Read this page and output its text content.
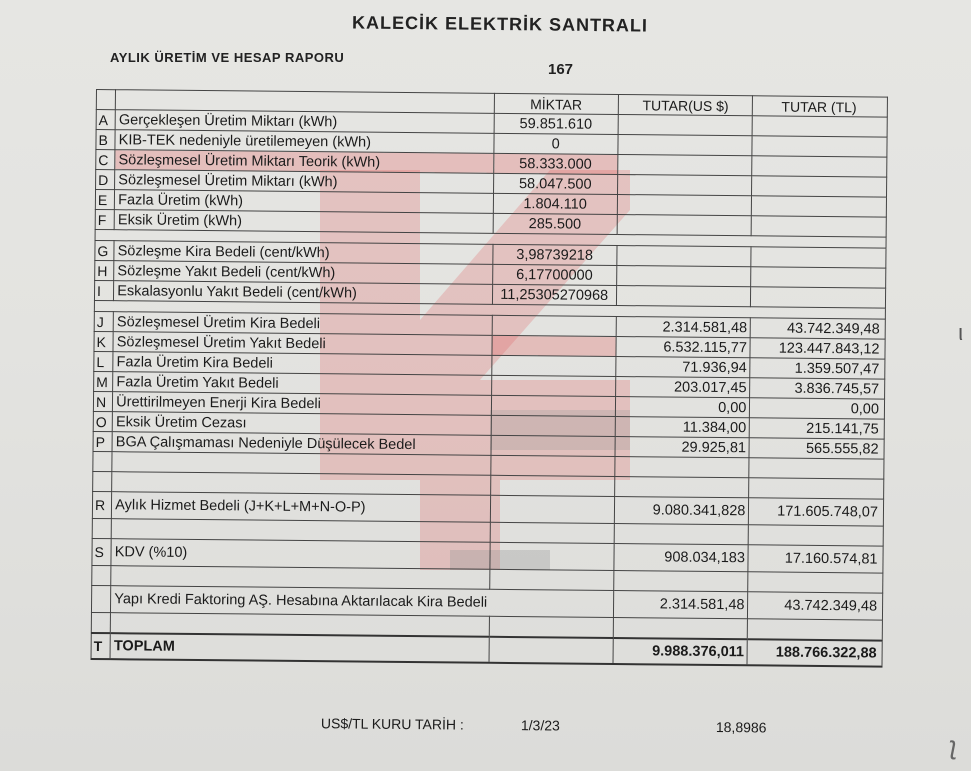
KALECİK ELEKTRİK SANTRALI
AYLIK ÜRETİM VE HESAP RAPORU
167
		MİKTAR	TUTAR(US $)	TUTAR (TL)
A	Gerçekleşen Üretim Miktarı (kWh)	59.851.610		
B	KIB-TEK nedeniyle üretilemeyen (kWh)	0		
C	Sözleşmesel Üretim Miktarı Teorik (kWh)	58.333.000		
D	Sözleşmesel Üretim Miktarı (kWh)	58.047.500		
E	Fazla Üretim (kWh)	1.804.110		
F	Eksik Üretim (kWh)	285.500		

G	Sözleşme Kira Bedeli (cent/kWh)	3,98739218		
H	Sözleşme Yakıt Bedeli (cent/kWh)	6,17700000		
I	Eskalasyonlu Yakıt Bedeli (cent/kWh)	11,25305270968		

J	Sözleşmesel Üretim Kira Bedeli		2.314.581,48	43.742.349,48
K	Sözleşmesel Üretim Yakıt Bedeli		6.532.115,77	123.447.843,12
L	Fazla Üretim Kira Bedeli		71.936,94	1.359.507,47
M	Fazla Üretim Yakıt Bedeli		203.017,45	3.836.745,57
N	Ürettirilmeyen Enerji Kira Bedeli		0,00	0,00
O	Eksik Üretim Cezası		11.384,00	215.141,75
P	BGA Çalışmaması Nedeniyle Düşülecek Bedel		29.925,81	565.555,82

R	Aylık Hizmet Bedeli (J+K+L+M+N-O-P)		9.080.341,828	171.605.748,07

S	KDV (%10)		908.034,183	17.160.574,81

	Yapı Kredi Faktoring AŞ. Hesabına Aktarılacak Kira Bedeli		2.314.581,48	43.742.349,48

T	TOPLAM		9.988.376,011	188.766.322,88
US$/TL KURU TARİH :	1/3/23	18,8986
ι
ʅ
